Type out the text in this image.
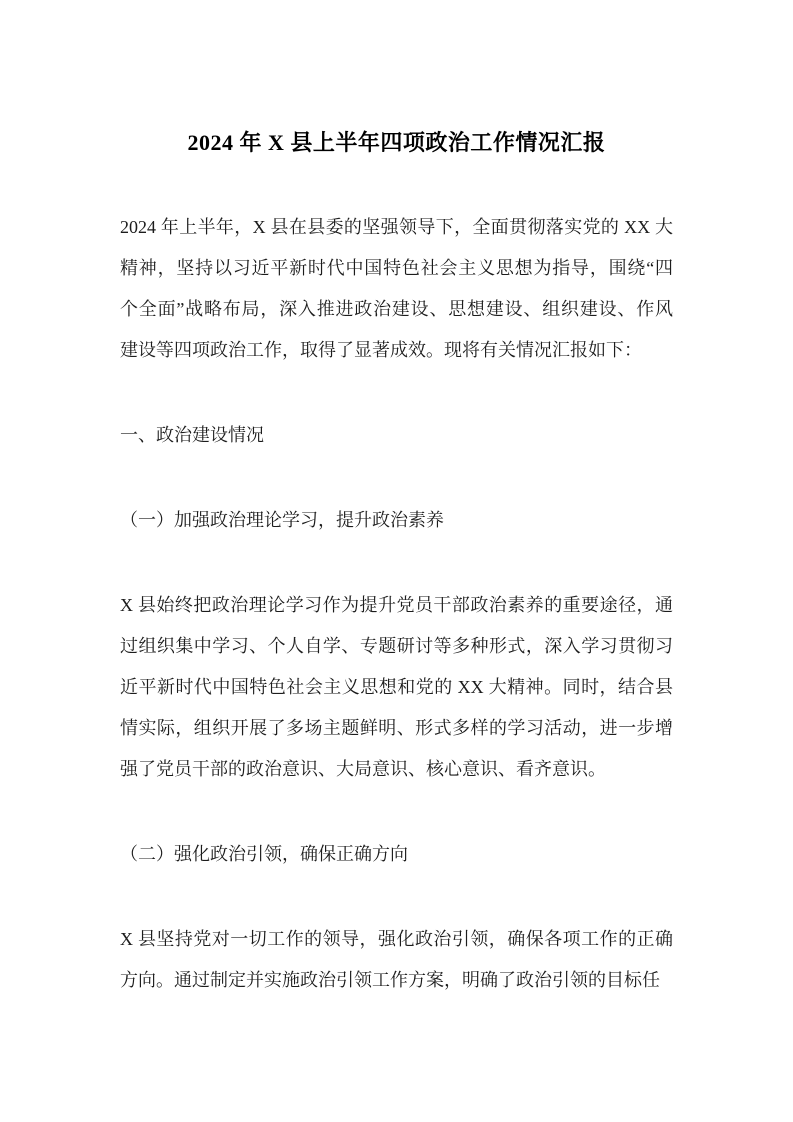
2024 年 X 县上半年四项政治工作情况汇报
2024 年上半年，X 县在县委的坚强领导下，全面贯彻落实党的 XX 大
精神，坚持以习近平新时代中国特色社会主义思想为指导，围绕“四
个全面”战略布局，深入推进政治建设、思想建设、组织建设、作风
建设等四项政治工作，取得了显著成效。现将有关情况汇报如下：
一、政治建设情况
（一）加强政治理论学习，提升政治素养
X 县始终把政治理论学习作为提升党员干部政治素养的重要途径，通
过组织集中学习、个人自学、专题研讨等多种形式，深入学习贯彻习
近平新时代中国特色社会主义思想和党的 XX 大精神。同时，结合县
情实际，组织开展了多场主题鲜明、形式多样的学习活动，进一步增
强了党员干部的政治意识、大局意识、核心意识、看齐意识。
（二）强化政治引领，确保正确方向
X 县坚持党对一切工作的领导，强化政治引领，确保各项工作的正确
方向。通过制定并实施政治引领工作方案，明确了政治引领的目标任
